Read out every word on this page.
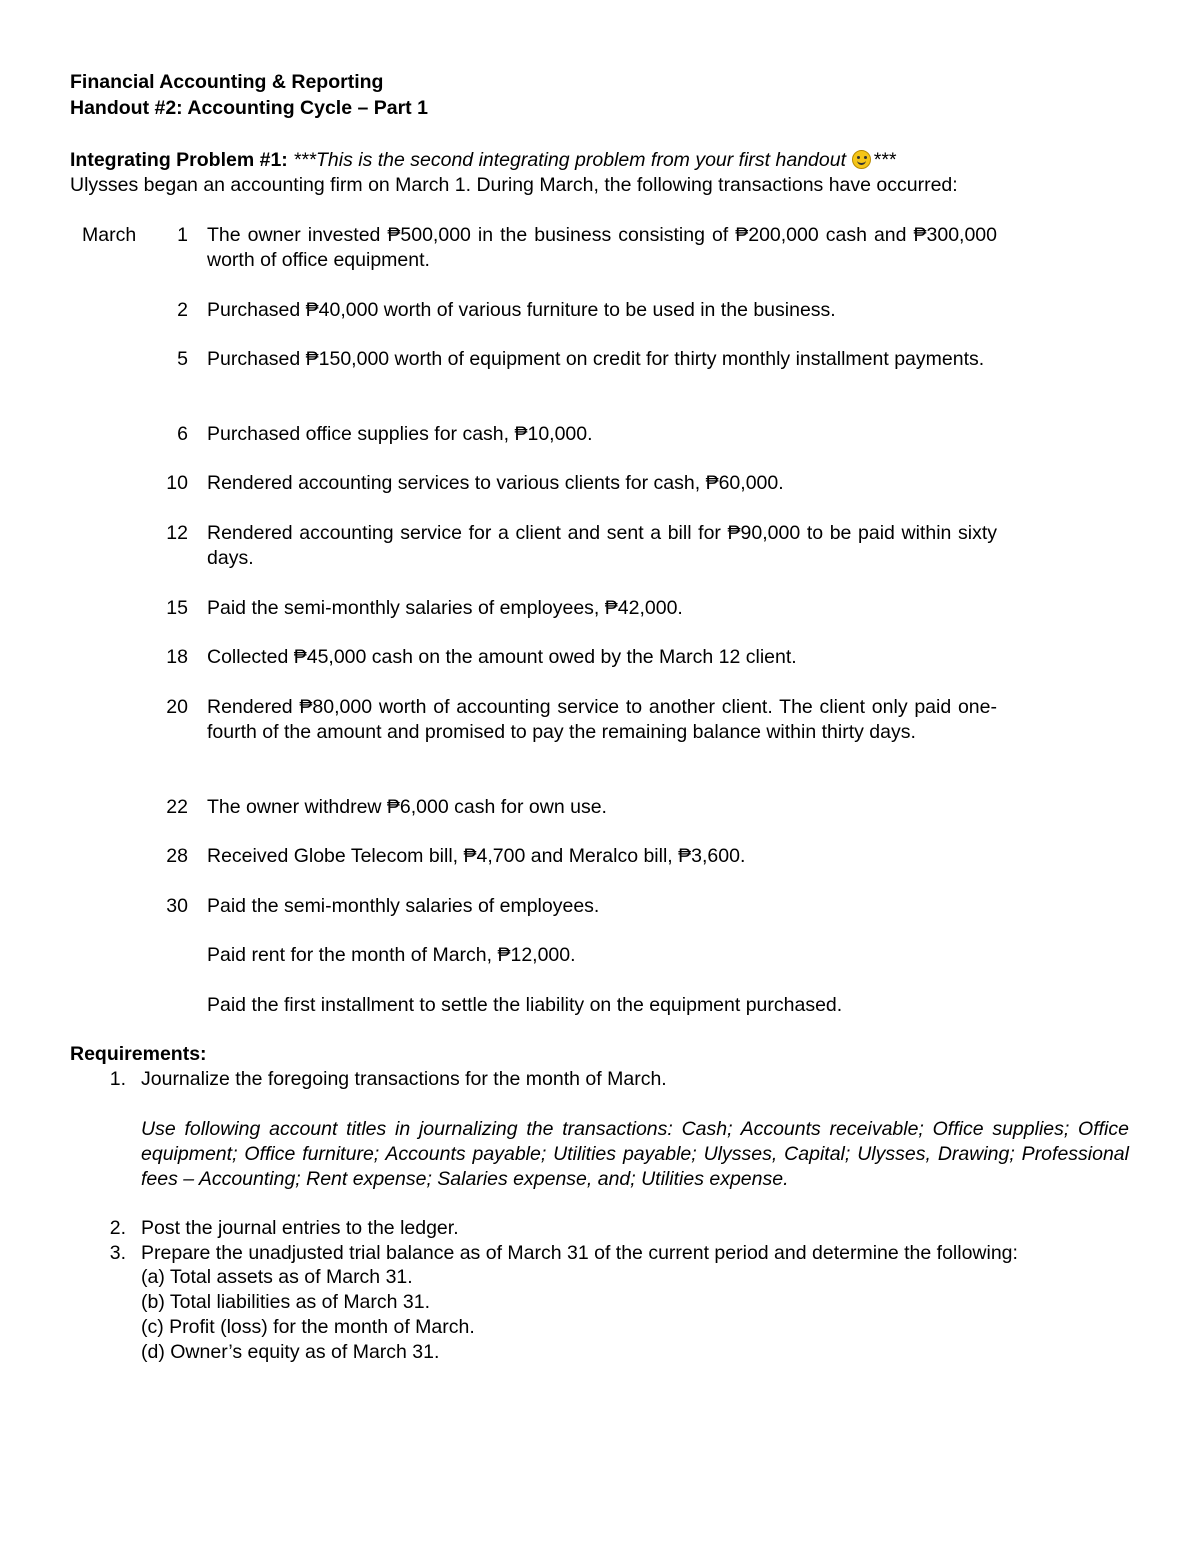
Financial Accounting & Reporting
Handout #2: Accounting Cycle – Part 1
Integrating Problem #1: ***This is the second integrating problem from your first handout ***
Ulysses began an accounting firm on March 1. During March, the following transactions have occurred:
March	1 The owner invested ₱500,000 in the business consisting of ₱200,000 cash and ₱300,000 worth of office equipment.
2 Purchased ₱40,000 worth of various furniture to be used in the business.
5 Purchased ₱150,000 worth of equipment on credit for thirty monthly installment payments.
6 Purchased office supplies for cash, ₱10,000.
10 Rendered accounting services to various clients for cash, ₱60,000.
12 Rendered accounting service for a client and sent a bill for ₱90,000 to be paid within sixty days.
15 Paid the semi-monthly salaries of employees, ₱42,000.
18 Collected ₱45,000 cash on the amount owed by the March 12 client.
20 Rendered ₱80,000 worth of accounting service to another client. The client only paid one-fourth of the amount and promised to pay the remaining balance within thirty days.
22 The owner withdrew ₱6,000 cash for own use.
28 Received Globe Telecom bill, ₱4,700 and Meralco bill, ₱3,600.
30 Paid the semi-monthly salaries of employees.
Paid rent for the month of March, ₱12,000.
Paid the first installment to settle the liability on the equipment purchased.
Requirements:
1. Journalize the foregoing transactions for the month of March.
Use following account titles in journalizing the transactions: Cash; Accounts receivable; Office supplies; Office equipment; Office furniture; Accounts payable; Utilities payable; Ulysses, Capital; Ulysses, Drawing; Professional fees – Accounting; Rent expense; Salaries expense, and; Utilities expense.
2. Post the journal entries to the ledger.
3. Prepare the unadjusted trial balance as of March 31 of the current period and determine the following:
(a) Total assets as of March 31.
(b) Total liabilities as of March 31.
(c) Profit (loss) for the month of March.
(d) Owner’s equity as of March 31.
